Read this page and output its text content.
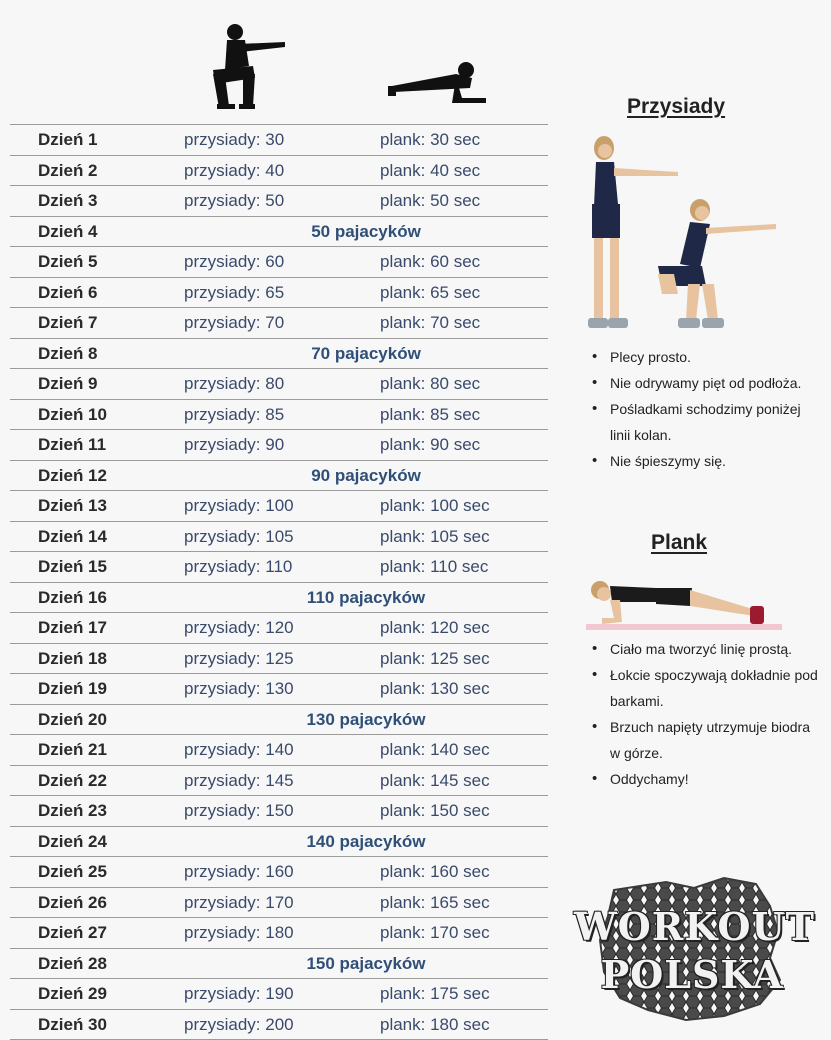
Dzień 1	przysiady: 30	plank: 30 sec
Dzień 2	przysiady: 40	plank: 40 sec
Dzień 3	przysiady: 50	plank: 50 sec
Dzień 4	50 pajacyków
Dzień 5	przysiady: 60	plank: 60 sec
Dzień 6	przysiady: 65	plank: 65 sec
Dzień 7	przysiady: 70	plank: 70 sec
Dzień 8	70 pajacyków
Dzień 9	przysiady: 80	plank: 80 sec
Dzień 10	przysiady: 85	plank: 85 sec
Dzień 11	przysiady: 90	plank: 90 sec
Dzień 12	90 pajacyków
Dzień 13	przysiady: 100	plank: 100 sec
Dzień 14	przysiady: 105	plank: 105 sec
Dzień 15	przysiady: 110	plank: 110 sec
Dzień 16	110 pajacyków
Dzień 17	przysiady: 120	plank: 120 sec
Dzień 18	przysiady: 125	plank: 125 sec
Dzień 19	przysiady: 130	plank: 130 sec
Dzień 20	130 pajacyków
Dzień 21	przysiady: 140	plank: 140 sec
Dzień 22	przysiady: 145	plank: 145 sec
Dzień 23	przysiady: 150	plank: 150 sec
Dzień 24	140 pajacyków
Dzień 25	przysiady: 160	plank: 160 sec
Dzień 26	przysiady: 170	plank: 165 sec
Dzień 27	przysiady: 180	plank: 170 sec
Dzień 28	150 pajacyków
Dzień 29	przysiady: 190	plank: 175 sec
Dzień 30	przysiady: 200	plank: 180 sec
Przysiady
• Plecy prosto.
• Nie odrywamy pięt od podłoża.
• Pośladkami schodzimy poniżej linii kolan.
• Nie śpieszymy się.
Plank
• Ciało ma tworzyć linię prostą.
• Łokcie spoczywają dokładnie pod barkami.
• Brzuch napięty utrzymuje biodra w górze.
• Oddychamy!
WORKOUT
POLSKA
